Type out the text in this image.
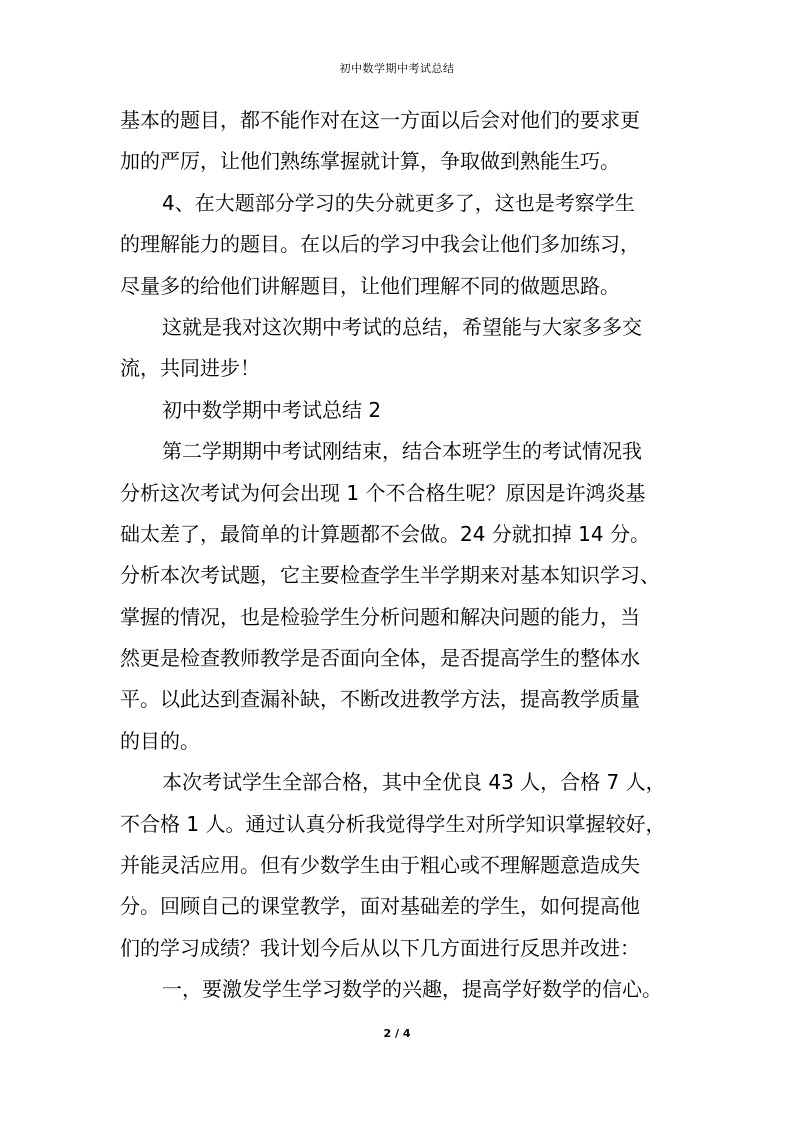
初中数学期中考试总结
基本的题目，都不能作对在这一方面以后会对他们的要求更
加的严厉，让他们熟练掌握就计算，争取做到熟能生巧。
4、在大题部分学习的失分就更多了，这也是考察学生
的理解能力的题目。在以后的学习中我会让他们多加练习，
尽量多的给他们讲解题目，让他们理解不同的做题思路。
这就是我对这次期中考试的总结，希望能与大家多多交
流，共同进步！
初中数学期中考试总结 2
第二学期期中考试刚结束，结合本班学生的考试情况我
分析这次考试为何会出现 1 个不合格生呢？原因是许鸿炎基
础太差了，最简单的计算题都不会做。24 分就扣掉 14 分。
分析本次考试题，它主要检查学生半学期来对基本知识学习、
掌握的情况，也是检验学生分析问题和解决问题的能力，当
然更是检查教师教学是否面向全体，是否提高学生的整体水
平。以此达到查漏补缺，不断改进教学方法，提高教学质量
的目的。
本次考试学生全部合格，其中全优良 43 人，合格 7 人，
不合格 1 人。通过认真分析我觉得学生对所学知识掌握较好，
并能灵活应用。但有少数学生由于粗心或不理解题意造成失
分。回顾自己的课堂教学，面对基础差的学生，如何提高他
们的学习成绩？我计划今后从以下几方面进行反思并改进：
一，要激发学生学习数学的兴趣，提高学好数学的信心。
2 / 4
